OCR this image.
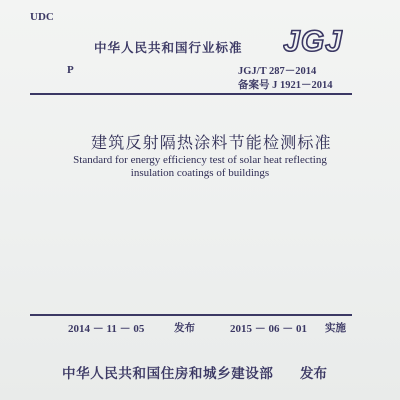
UDC
中华人民共和国行业标准 JGJ
P	JGJ/T 287－2014
备案号 J 1921－2014
建筑反射隔热涂料节能检测标准
Standard for energy efficiency test of solar heat reflecting
insulation coatings of buildings
2014 － 11 － 05	发布	2015 － 06 － 01 实施
中华人民共和国住房和城乡建设部 发布
